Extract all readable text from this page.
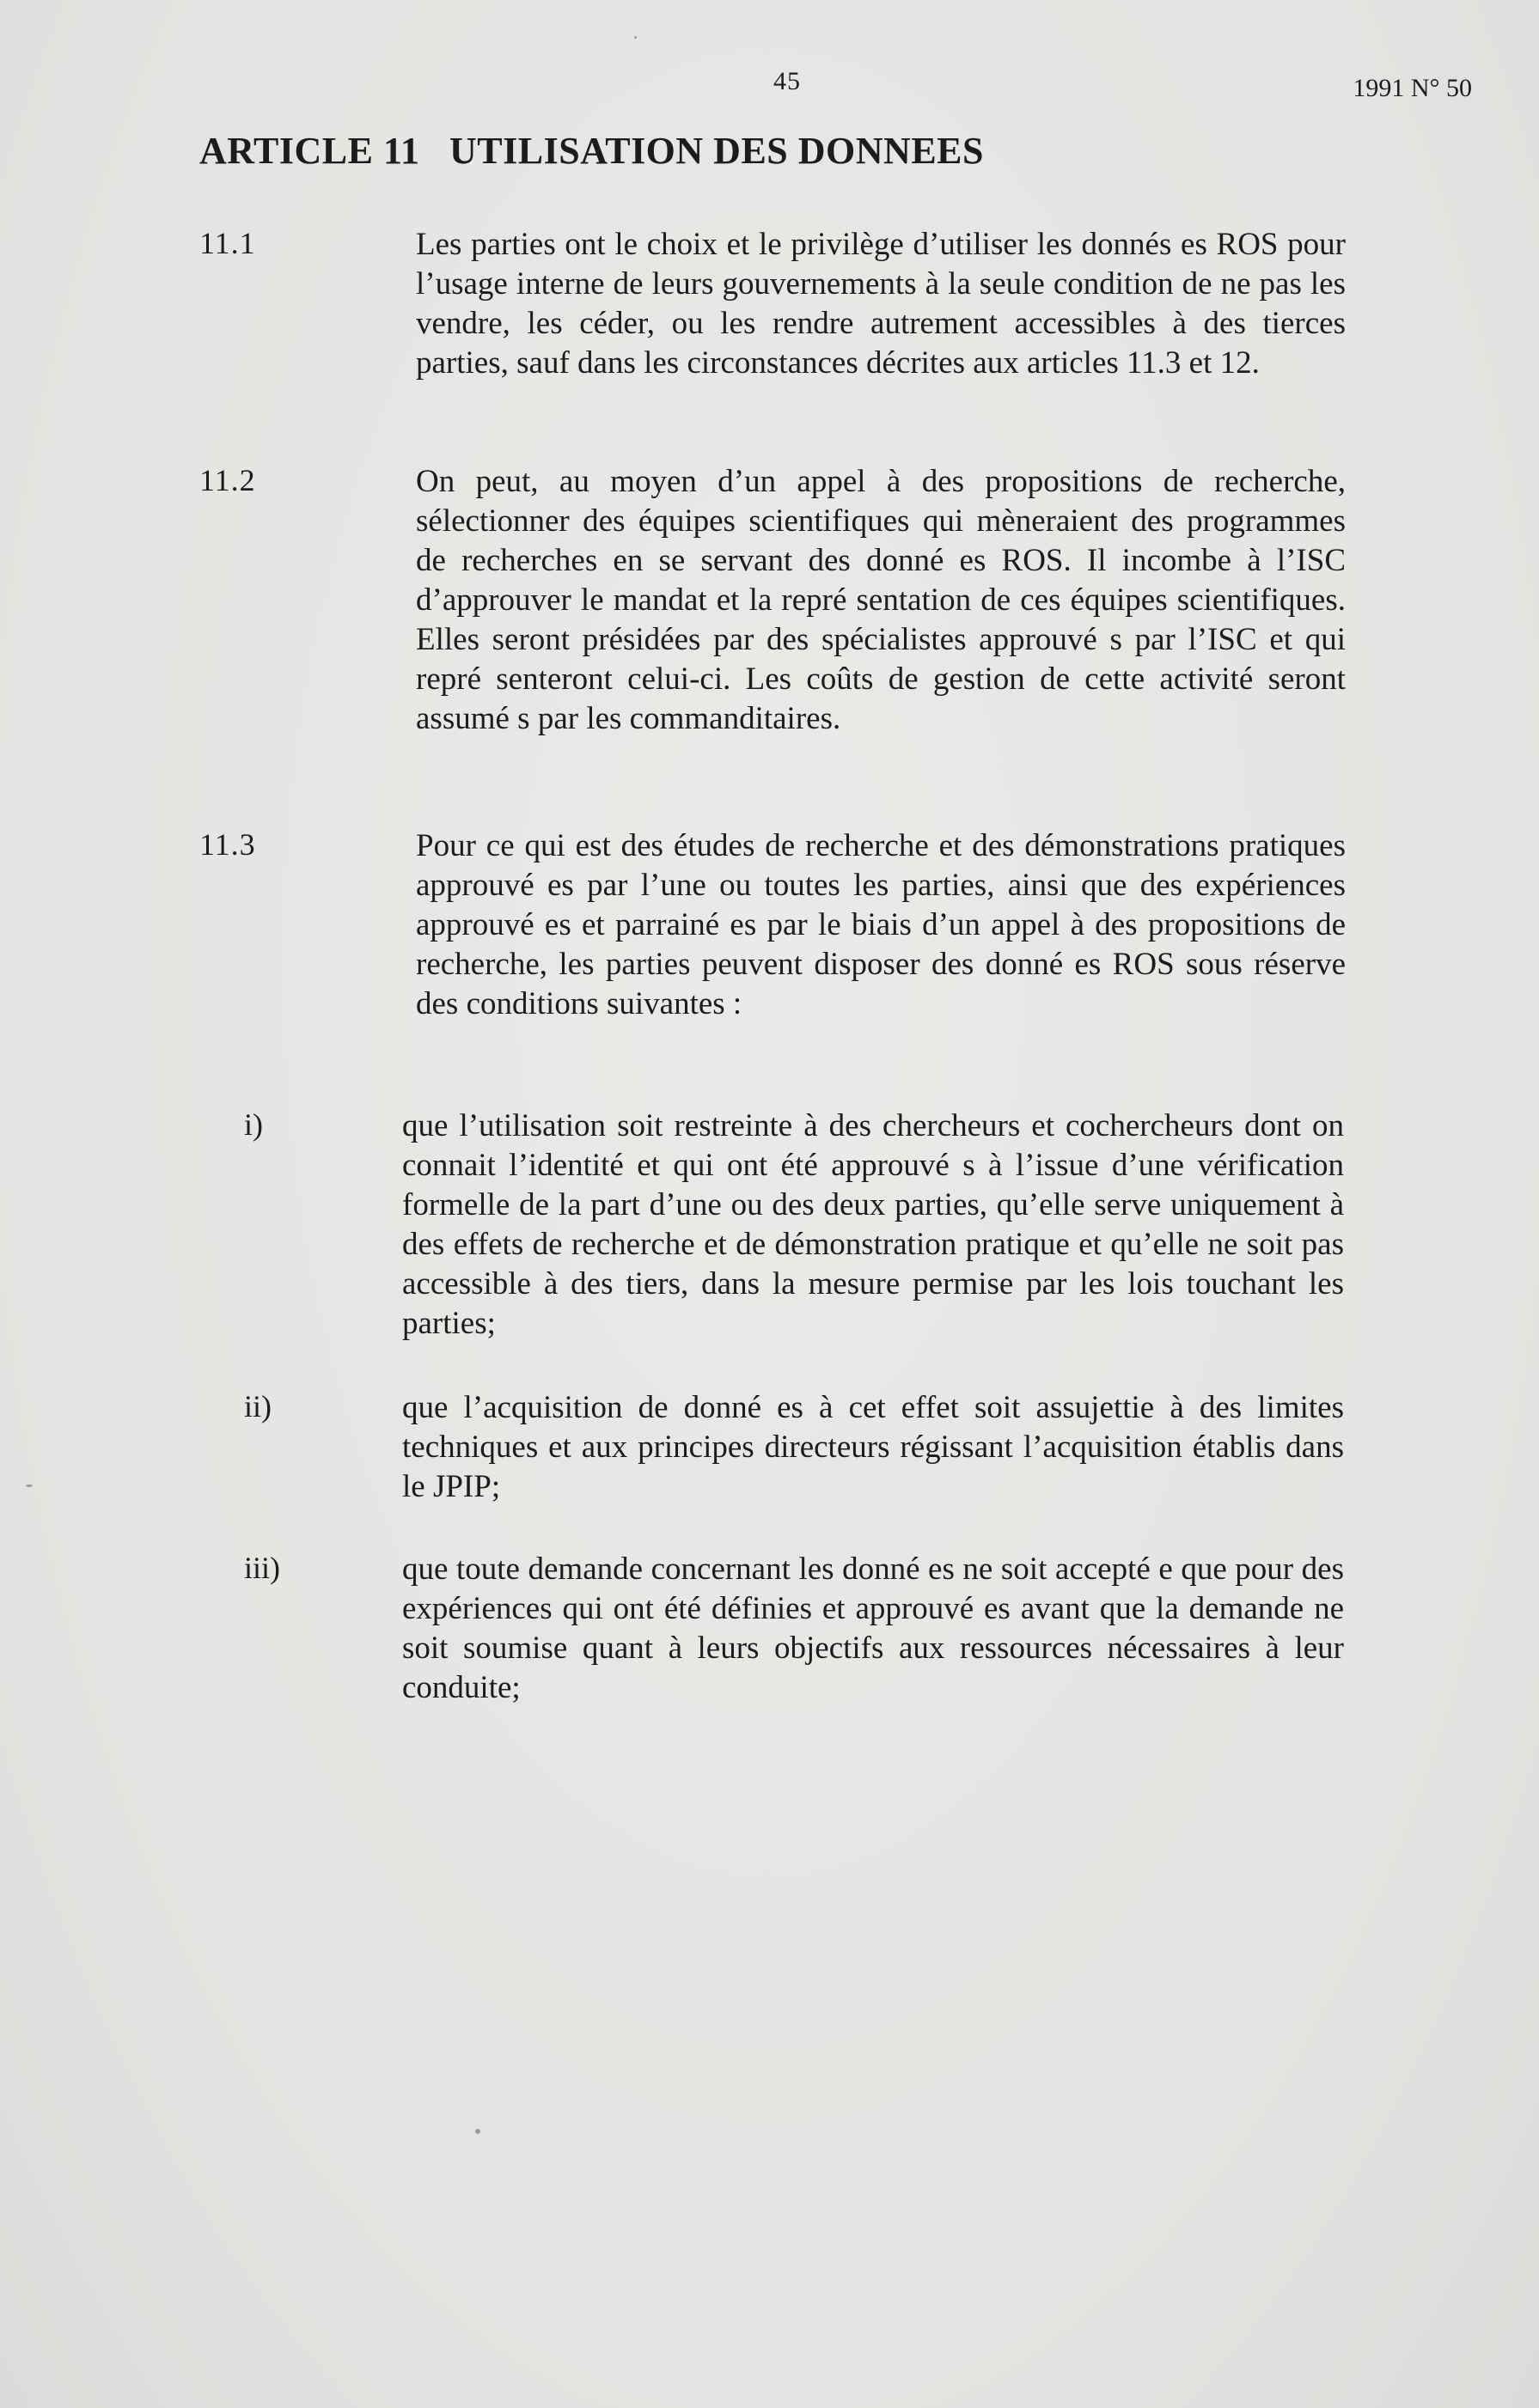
45	1991 N° 50
ARTICLE 11   UTILISATION DES DONNEES
11.1	Les parties ont le choix et le privilège d’utiliser les donnés es ROS pour l’usage interne de leurs gouvernements à la seule condition de ne pas les vendre, les céder, ou les rendre autrement accessibles à des tierces parties, sauf dans les circonstances décrites aux articles 11.3 et 12.
11.2	On peut, au moyen d’un appel à des propositions de recherche, sélectionner des équipes scientifiques qui mèneraient des programmes de recherches en se servant des donné es ROS. Il incombe à l’ISC d’approuver le mandat et la repré sentation de ces équipes scientifiques. Elles seront présidées par des spécialistes approuvé s par l’ISC et qui repré senteront celui-ci. Les coûts de gestion de cette activité seront assumé s par les commanditaires.
11.3	Pour ce qui est des études de recherche et des démonstrations pratiques approuvé es par l’une ou toutes les parties, ainsi que des expériences approuvé es et parrainé es par le biais d’un appel à des propositions de recherche, les parties peuvent disposer des donné es ROS sous réserve des conditions suivantes :
i)	que l’utilisation soit restreinte à des chercheurs et cochercheurs dont on connait l’identité et qui ont été approuvé s à l’issue d’une vérification formelle de la part d’une ou des deux parties, qu’elle serve uniquement à des effets de recherche et de démonstration pratique et qu’elle ne soit pas accessible à des tiers, dans la mesure permise par les lois touchant les parties;
ii)	que l’acquisition de donné es à cet effet soit assujettie à des limites techniques et aux principes directeurs régissant l’acquisition établis dans le JPIP;
iii)	que toute demande concernant les donné es ne soit accepté e que pour des expériences qui ont été définies et approuvé es avant que la demande ne soit soumise quant à leurs objectifs aux ressources nécessaires à leur conduite;
